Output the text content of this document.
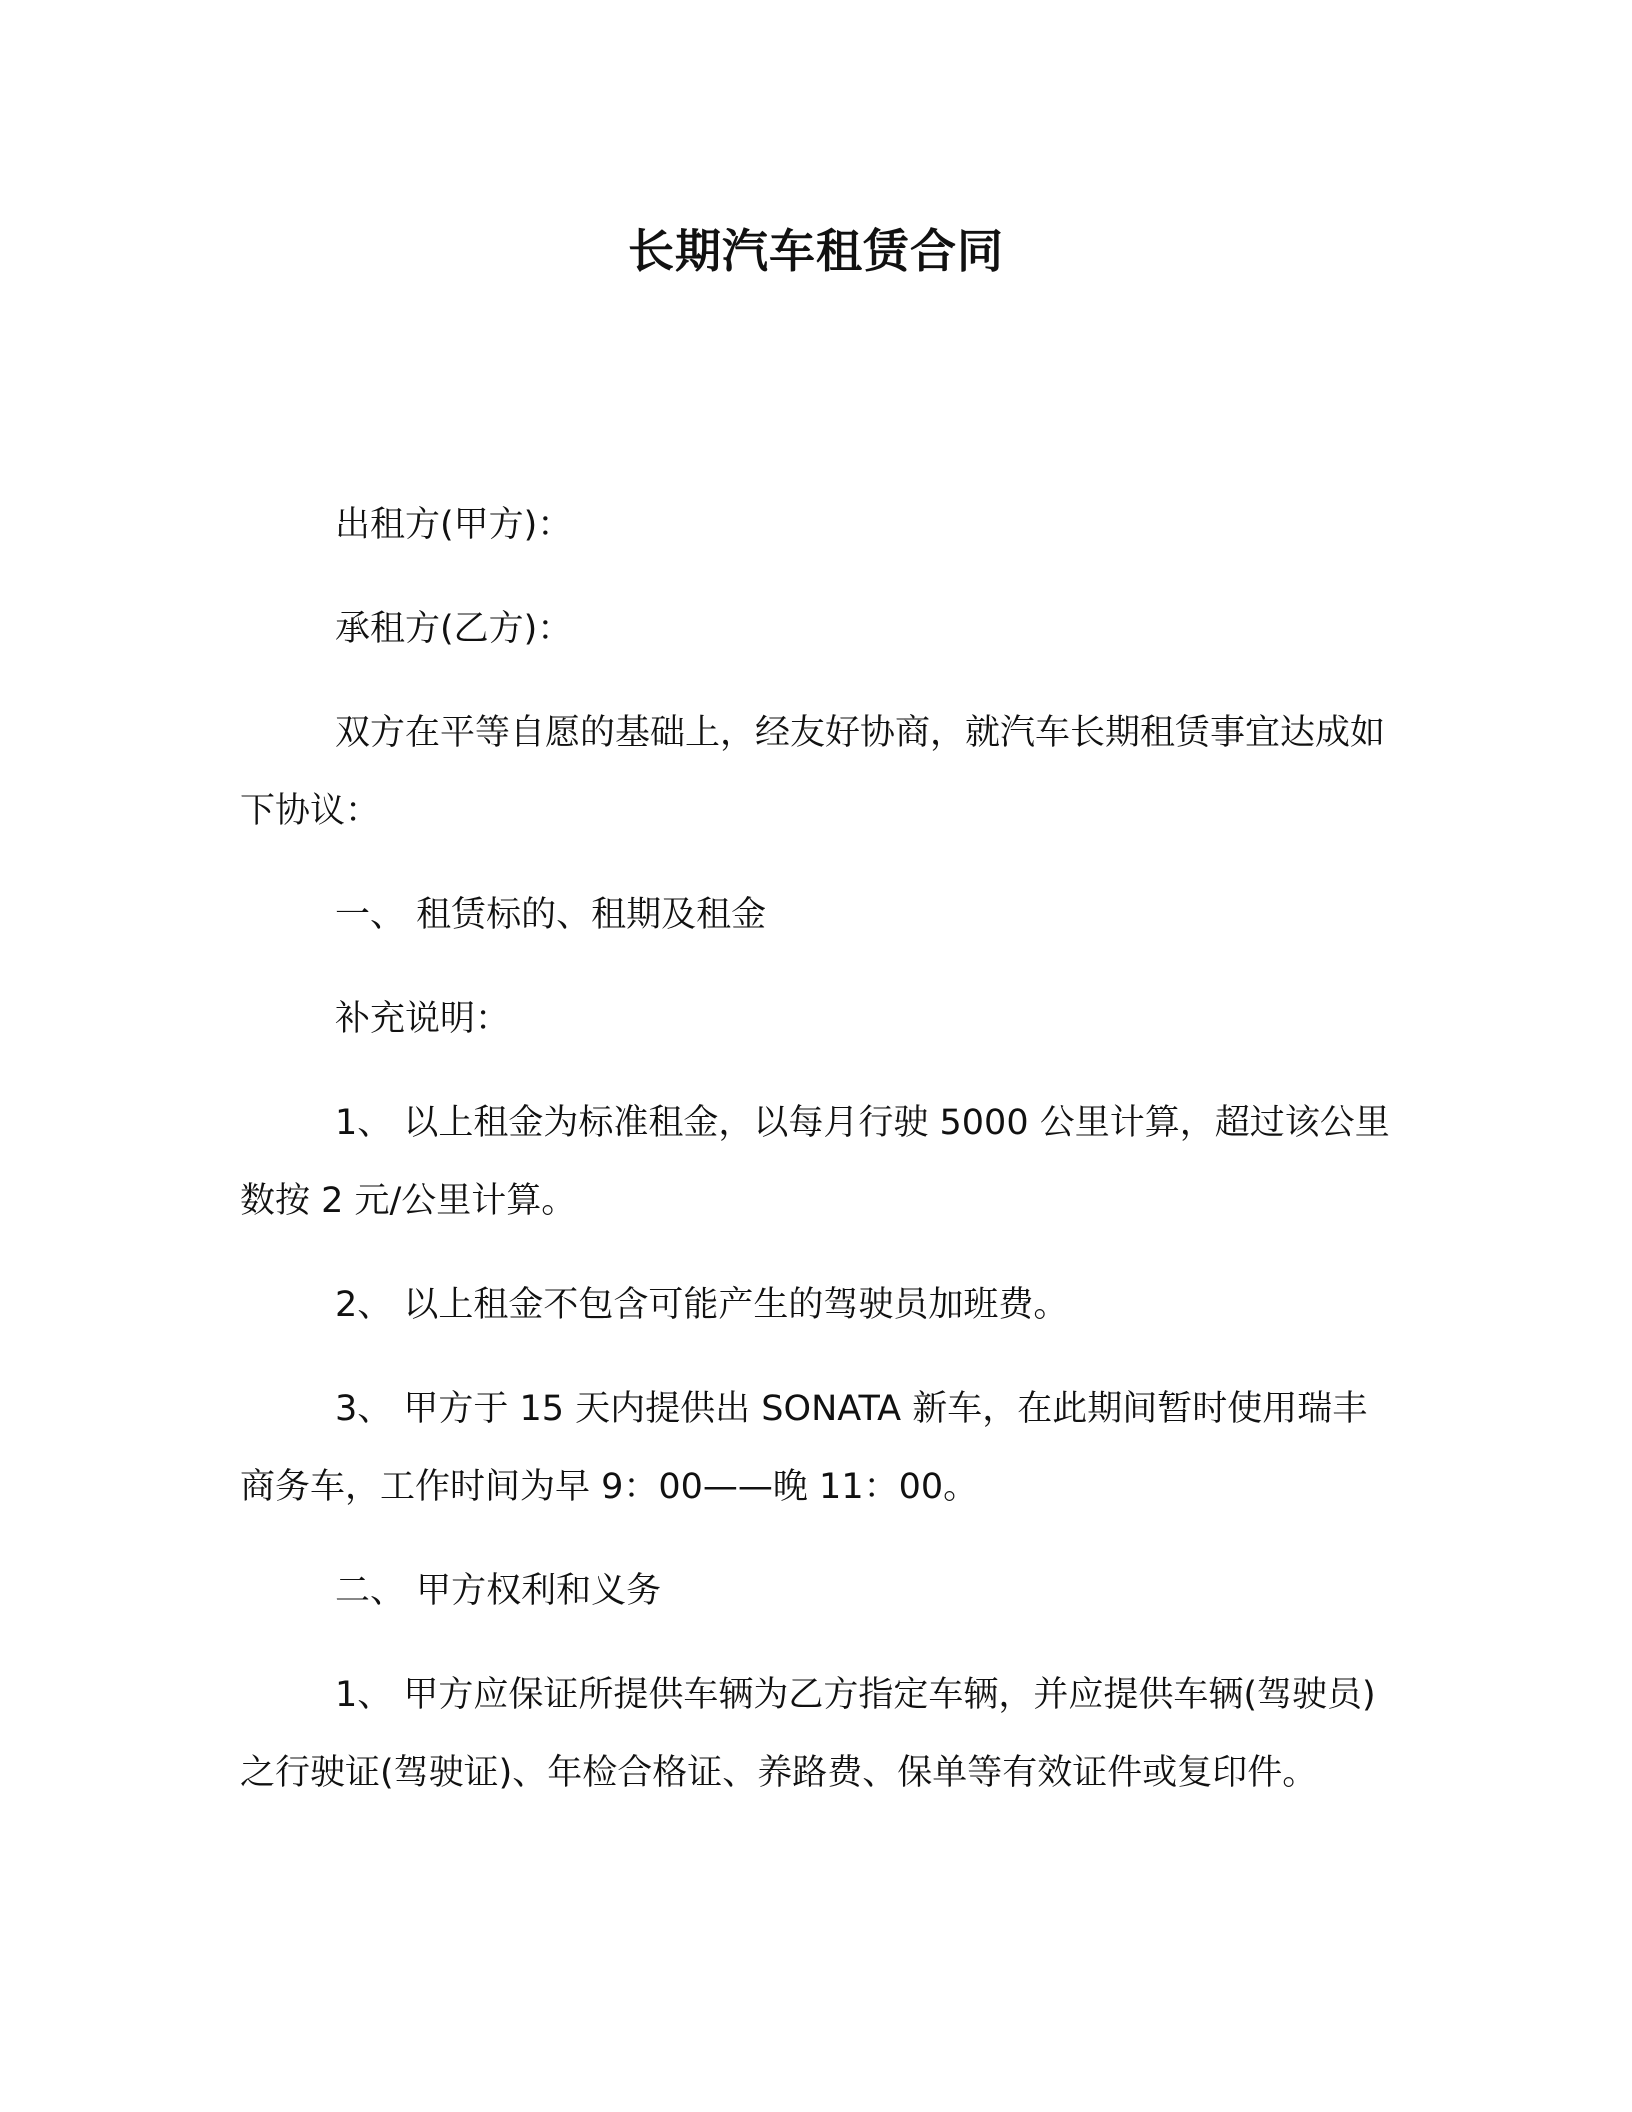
长期汽车租赁合同

出租方(甲方)：

承租方(乙方)：

双方在平等自愿的基础上，经友好协商，就汽车长期租赁事宜达成如下协议：

一、 租赁标的、租期及租金

补充说明：

1、 以上租金为标准租金，以每月行驶 5000 公里计算，超过该公里数按 2 元/公里计算。

2、 以上租金不包含可能产生的驾驶员加班费。

3、 甲方于 15 天内提供出 SONATA 新车，在此期间暂时使用瑞丰商务车，工作时间为早 9：00——晚 11：00。

二、 甲方权利和义务

1、 甲方应保证所提供车辆为乙方指定车辆，并应提供车辆(驾驶员)之行驶证(驾驶证)、年检合格证、养路费、保单等有效证件或复印件。
